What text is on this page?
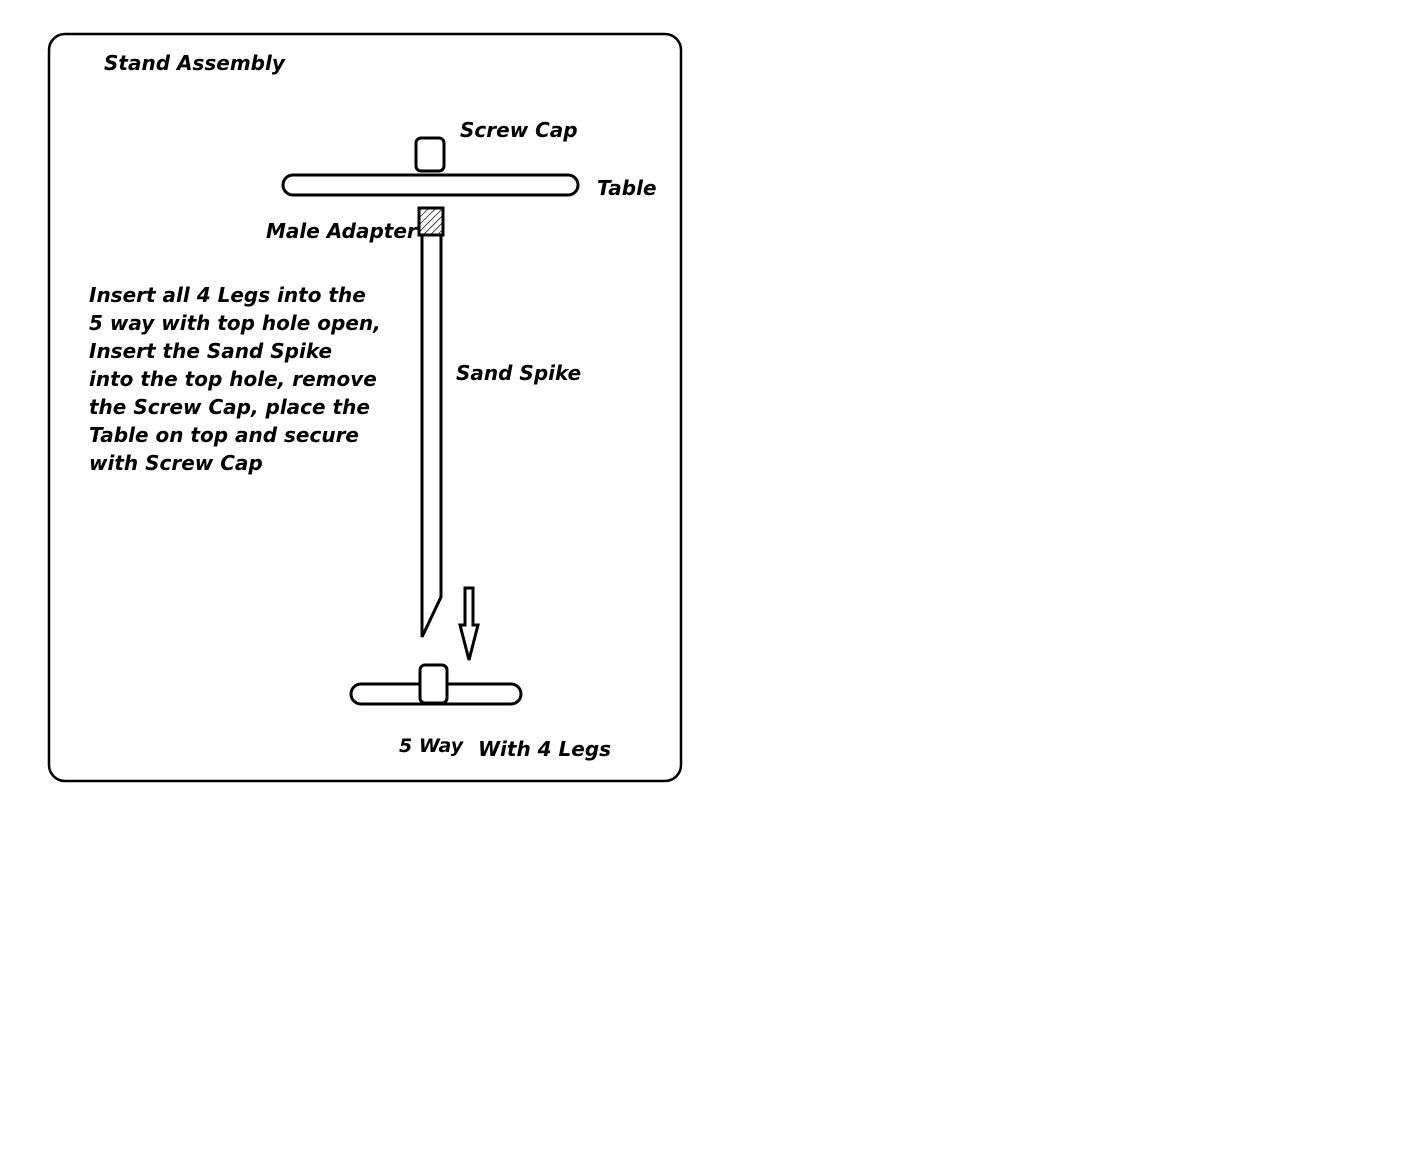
Stand Assembly
Screw Cap
Table
Male Adapter
Sand Spike
Insert all 4 Legs into the 5 way with top hole open, Insert the Sand Spike into the top hole, remove the Screw Cap, place the Table on top and secure with Screw Cap
5 Way With 4 Legs
